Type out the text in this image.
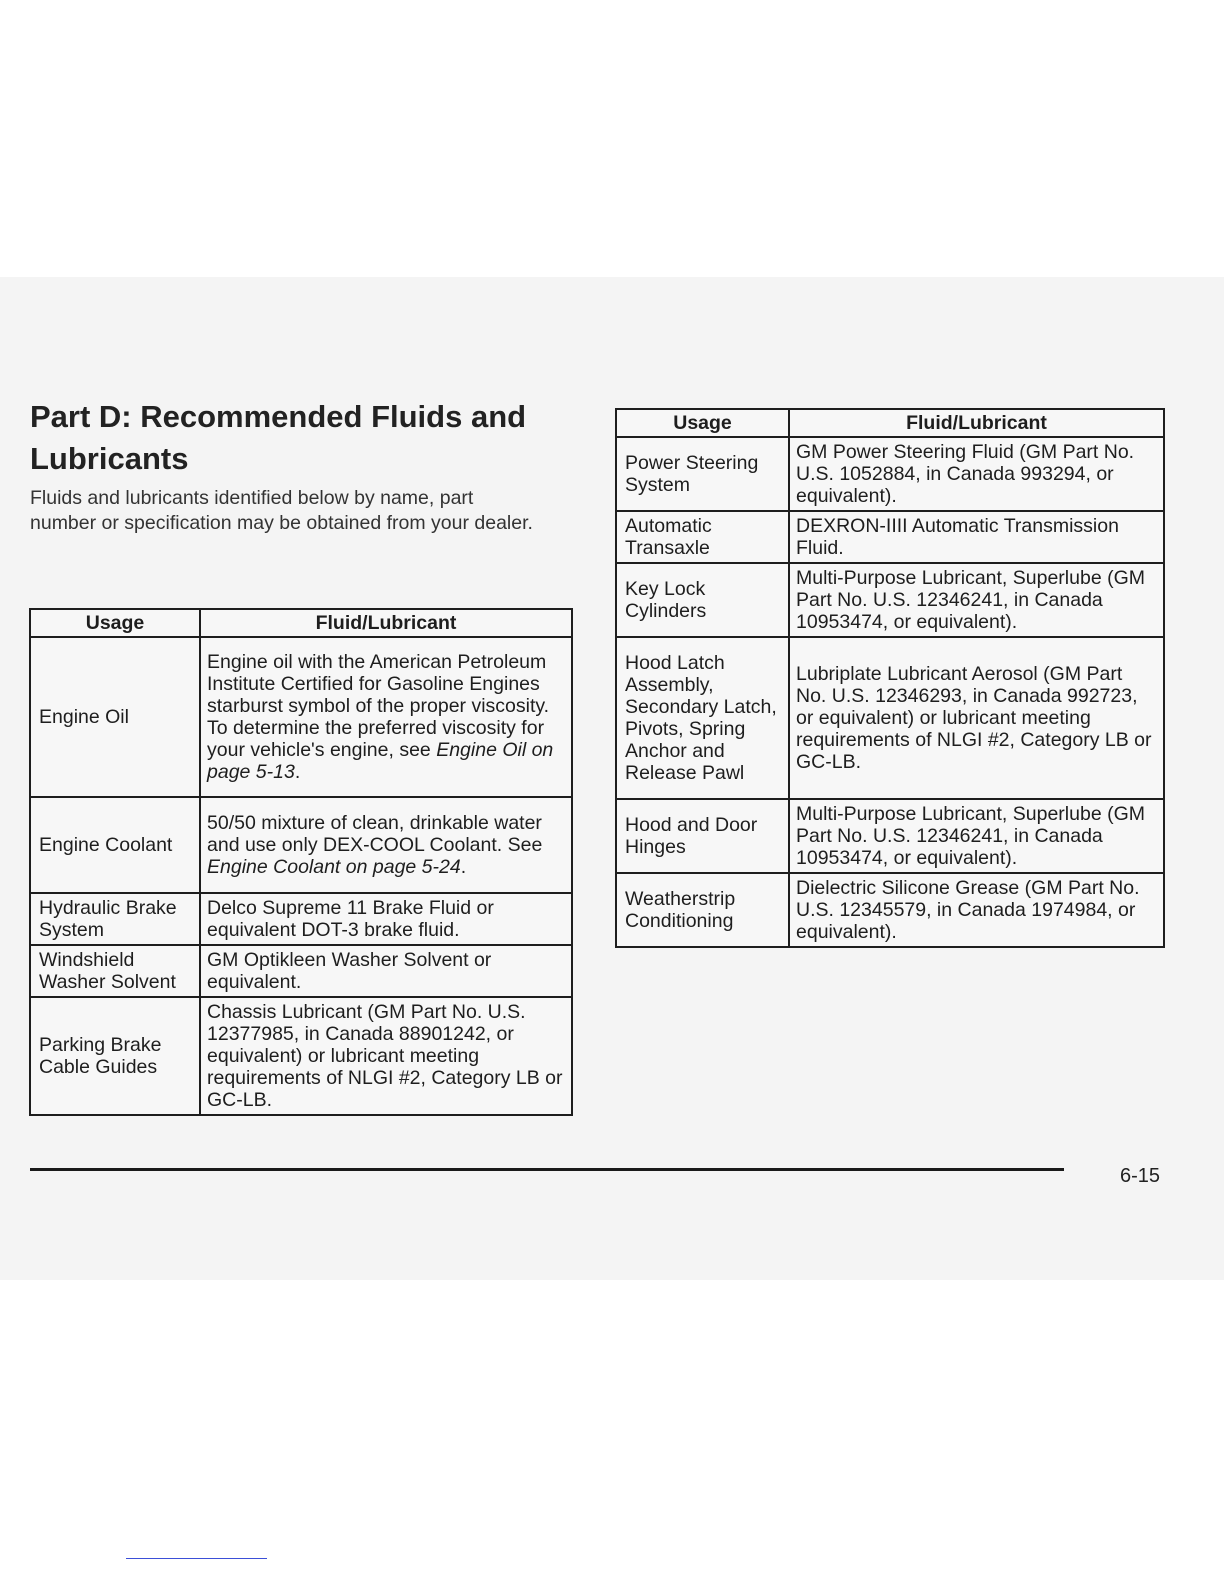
Part D: Recommended Fluids and Lubricants

Fluids and lubricants identified below by name, part number or specification may be obtained from your dealer.

Usage	Fluid/Lubricant
Engine Oil	Engine oil with the American Petroleum Institute Certified for Gasoline Engines starburst symbol of the proper viscosity. To determine the preferred viscosity for your vehicle's engine, see Engine Oil on page 5-13.
Engine Coolant	50/50 mixture of clean, drinkable water and use only DEX-COOL Coolant. See Engine Coolant on page 5-24.
Hydraulic Brake System	Delco Supreme 11 Brake Fluid or equivalent DOT-3 brake fluid.
Windshield Washer Solvent	GM Optikleen Washer Solvent or equivalent.
Parking Brake Cable Guides	Chassis Lubricant (GM Part No. U.S. 12377985, in Canada 88901242, or equivalent) or lubricant meeting requirements of NLGI #2, Category LB or GC-LB.
Usage	Fluid/Lubricant
Power Steering System	GM Power Steering Fluid (GM Part No. U.S. 1052884, in Canada 993294, or equivalent).
Automatic Transaxle	DEXRON-IIII Automatic Transmission Fluid.
Key Lock Cylinders	Multi-Purpose Lubricant, Superlube (GM Part No. U.S. 12346241, in Canada 10953474, or equivalent).
Hood Latch Assembly, Secondary Latch, Pivots, Spring Anchor and Release Pawl	Lubriplate Lubricant Aerosol (GM Part No. U.S. 12346293, in Canada 992723, or equivalent) or lubricant meeting requirements of NLGI #2, Category LB or GC-LB.
Hood and Door Hinges	Multi-Purpose Lubricant, Superlube (GM Part No. U.S. 12346241, in Canada 10953474, or equivalent).
Weatherstrip Conditioning	Dielectric Silicone Grease (GM Part No. U.S. 12345579, in Canada 1974984, or equivalent).
6-15
